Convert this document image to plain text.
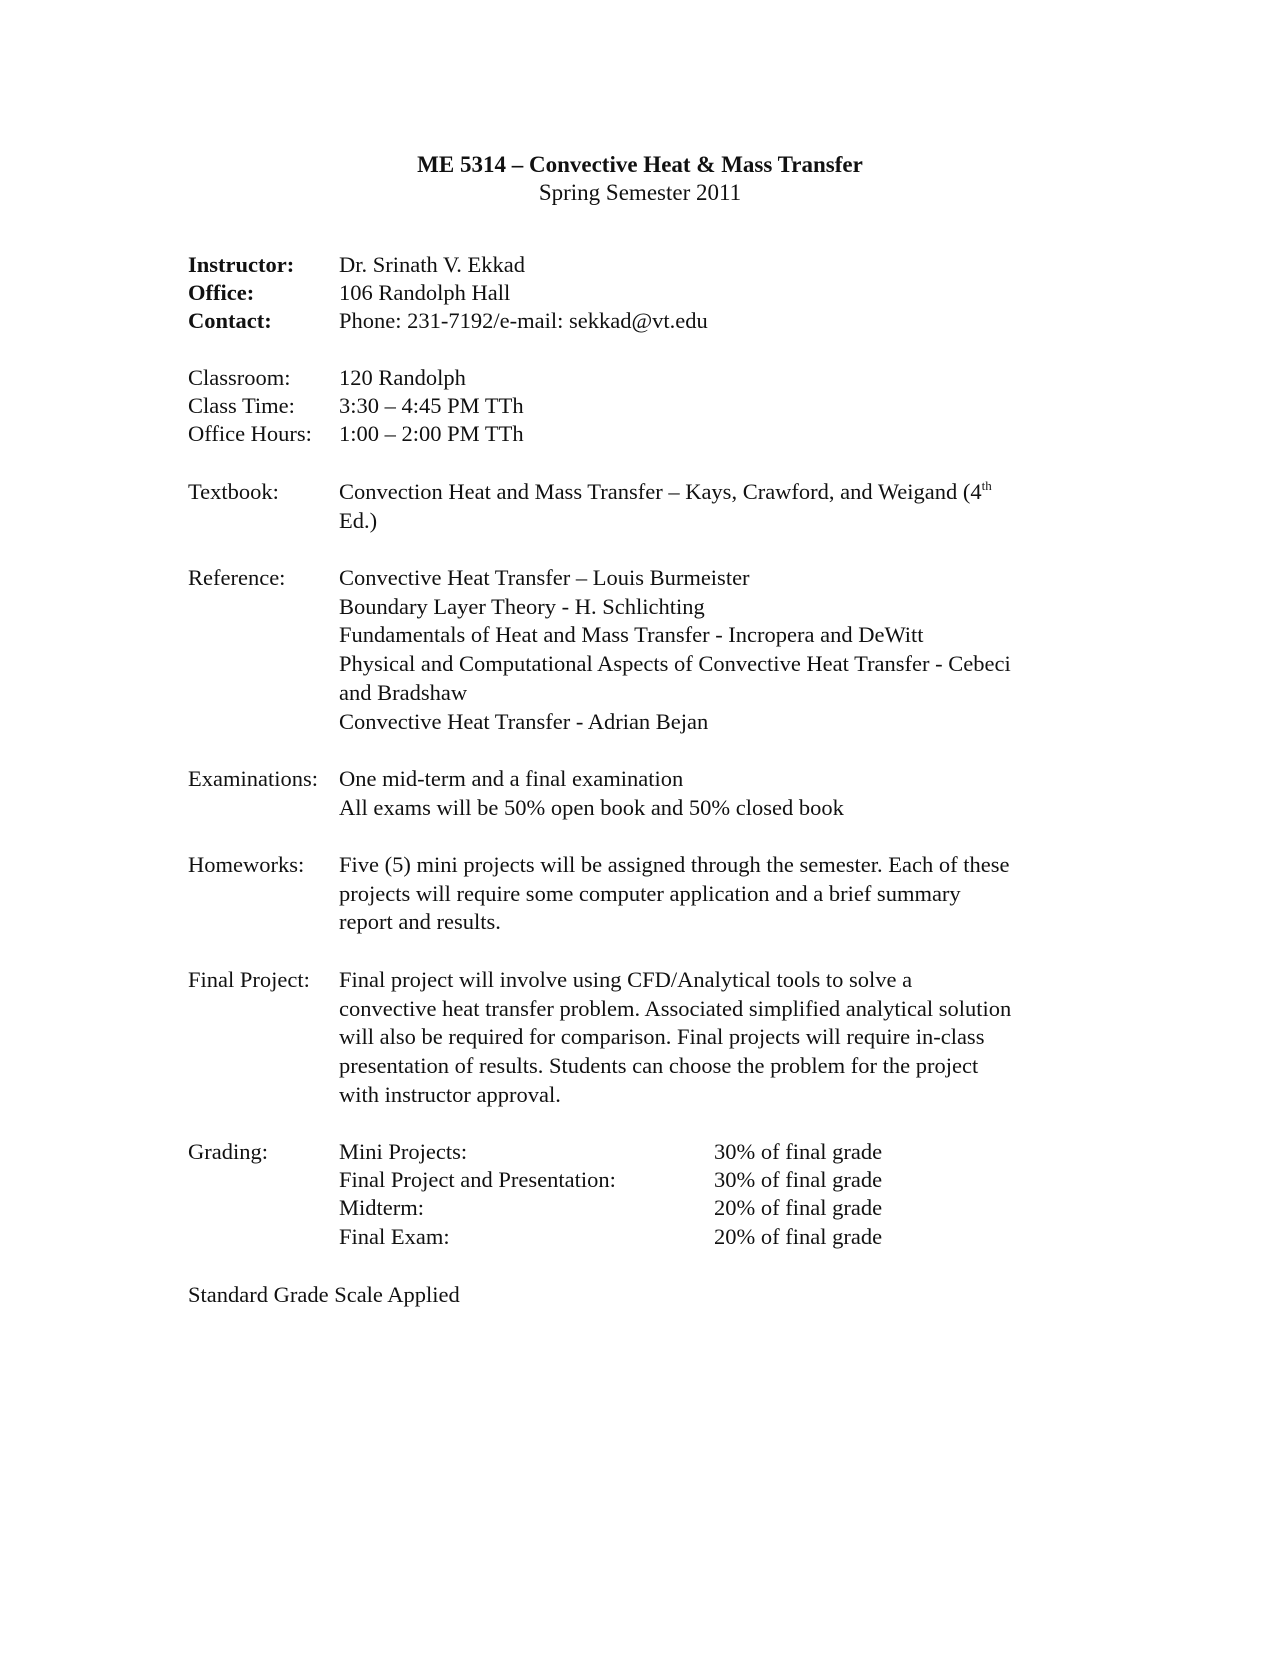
ME 5314 – Convective Heat & Mass Transfer
Spring Semester 2011
Instructor: Dr. Srinath V. Ekkad
Office:	106 Randolph Hall
Contact:	Phone: 231-7192/e-mail: sekkad@vt.edu
Classroom: 120 Randolph
Class Time: 3:30 – 4:45 PM TTh
Office Hours: 1:00 – 2:00 PM TTh
Textbook:	Convection Heat and Mass Transfer – Kays, Crawford, and Weigand (4th
Ed.)
Reference: Convective Heat Transfer – Louis Burmeister
Boundary Layer Theory - H. Schlichting
Fundamentals of Heat and Mass Transfer - Incropera and DeWitt
Physical and Computational Aspects of Convective Heat Transfer - Cebeci
and Bradshaw
Convective Heat Transfer - Adrian Bejan
Examinations: One mid-term and a final examination
All exams will be 50% open book and 50% closed book
Homeworks: Five (5) mini projects will be assigned through the semester. Each of these
projects will require some computer application and a brief summary
report and results.
Final Project: Final project will involve using CFD/Analytical tools to solve a
convective heat transfer problem. Associated simplified analytical solution
will also be required for comparison. Final projects will require in-class
presentation of results. Students can choose the problem for the project
with instructor approval.
Grading:	Mini Projects:	30% of final grade
Final Project and Presentation:	30% of final grade
Midterm:	20% of final grade
Final Exam:	20% of final grade
Standard Grade Scale Applied
